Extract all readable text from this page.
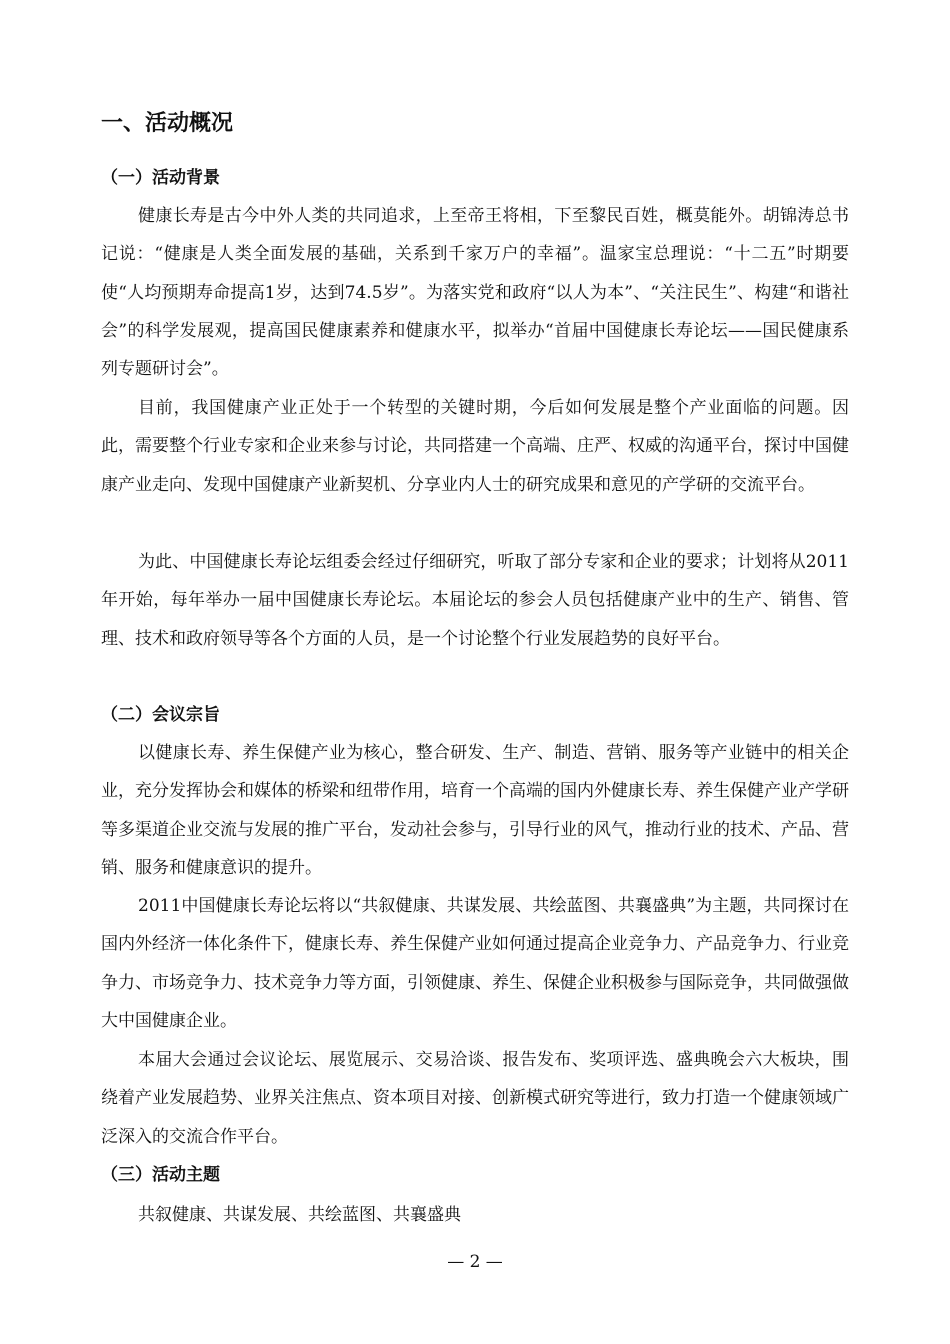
一、活动概况
（一）活动背景

健康长寿是古今中外人类的共同追求，上至帝王将相，下至黎民百姓，概莫能外。胡锦涛总书记说：“健康是人类全面发展的基础，关系到千家万户的幸福”。温家宝总理说：“十二五”时期要使“人均预期寿命提高1岁，达到74.5岁”。为落实党和政府“以人为本”、“关注民生”、构建“和谐社会”的科学发展观，提高国民健康素养和健康水平，拟举办“首届中国健康长寿论坛——国民健康系列专题研讨会”。

目前，我国健康产业正处于一个转型的关键时期，今后如何发展是整个产业面临的问题。因此，需要整个行业专家和企业来参与讨论，共同搭建一个高端、庄严、权威的沟通平台，探讨中国健康产业走向、发现中国健康产业新契机、分享业内人士的研究成果和意见的产学研的交流平台。

为此、中国健康长寿论坛组委会经过仔细研究，听取了部分专家和企业的要求；计划将从2011年开始，每年举办一届中国健康长寿论坛。本届论坛的参会人员包括健康产业中的生产、销售、管理、技术和政府领导等各个方面的人员，是一个讨论整个行业发展趋势的良好平台。

（二）会议宗旨

以健康长寿、养生保健产业为核心，整合研发、生产、制造、营销、服务等产业链中的相关企业，充分发挥协会和媒体的桥梁和纽带作用，培育一个高端的国内外健康长寿、养生保健产业产学研等多渠道企业交流与发展的推广平台，发动社会参与，引导行业的风气，推动行业的技术、产品、营销、服务和健康意识的提升。

2011中国健康长寿论坛将以“共叙健康、共谋发展、共绘蓝图、共襄盛典”为主题，共同探讨在国内外经济一体化条件下，健康长寿、养生保健产业如何通过提高企业竞争力、产品竞争力、行业竞争力、市场竞争力、技术竞争力等方面，引领健康、养生、保健企业积极参与国际竞争，共同做强做大中国健康企业。

本届大会通过会议论坛、展览展示、交易洽谈、报告发布、奖项评选、盛典晚会六大板块，围绕着产业发展趋势、业界关注焦点、资本项目对接、创新模式研究等进行，致力打造一个健康领域广泛深入的交流合作平台。

（三）活动主题

共叙健康、共谋发展、共绘蓝图、共襄盛典

— 2 —
